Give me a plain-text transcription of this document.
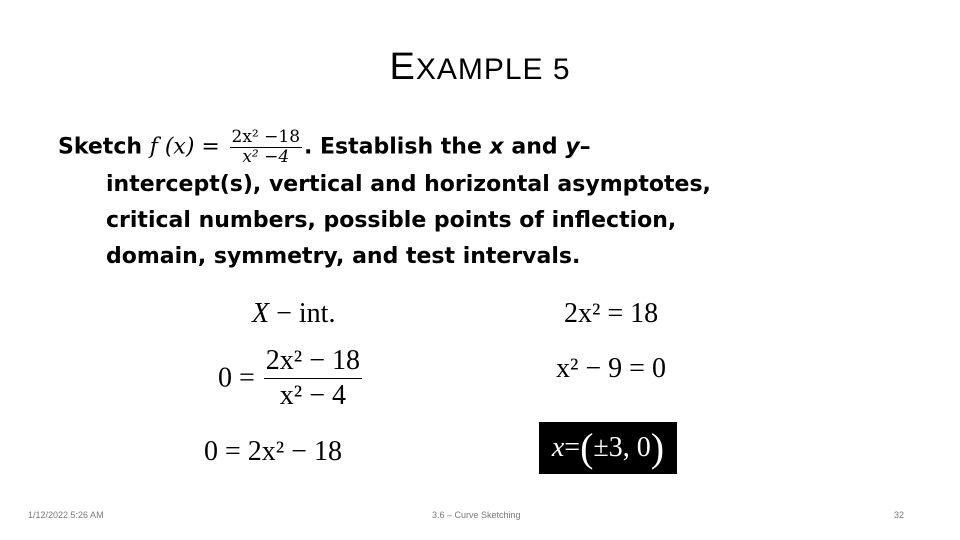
EXAMPLE 5
Sketch f $(x) = \frac{\text{2x² −18}}{\text{x² −4}}$ . Establish the x and y–
intercept(s), vertical and horizontal asymptotes,
critical numbers, possible points of inflection,
domain, symmetry, and test intervals.
X − int.
$0 = \frac{\text{2x² − 18}}{\text{x² − 4}}$
0 = 2x² − 18
2x² = 18
x² − 9 = 0
x = ( ±3, 0 )
1/12/2022 5:26 AM	3.6 – Curve Sketching	32
